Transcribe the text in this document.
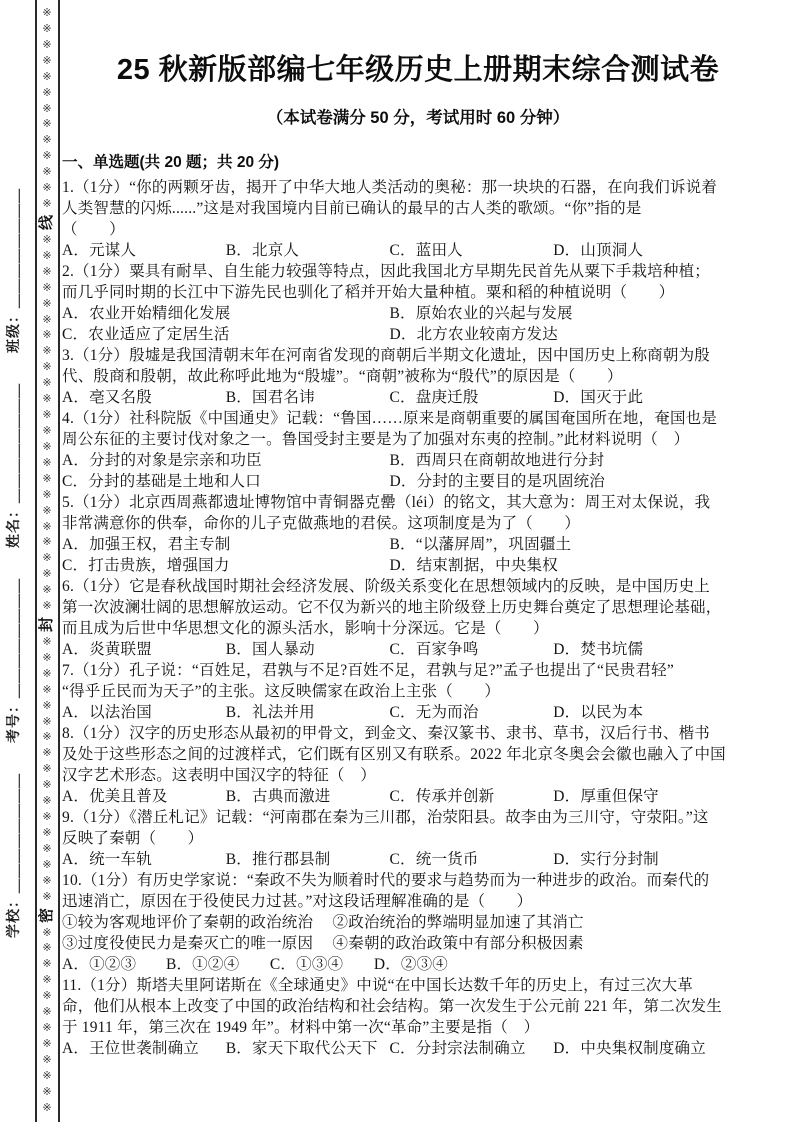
学校：＿＿＿＿＿＿＿＿　　考号：＿＿＿＿＿＿＿＿　　姓名：＿＿＿＿＿＿＿＿　　班级：＿＿＿＿＿＿＿＿
※
※
※
※
※
※
※
※
※
※
※
※
※
线
※
※
※
※
※
※
※
※
※
※
※
※
※
※
※
※
※
※
※
※
※
※
※
※
封
※
※
※
※
※
※
※
※
※
※
※
※
※
※
※
※
※
密
※
※
※
※
※
※
※
※
※
※
※
※
25 秋新版部编七年级历史上册期末综合测试卷
（本试卷满分 50 分，考试用时 60 分钟）
一、单选题(共 20 题；共 20 分)
1.（1分）“你的两颗牙齿，揭开了中华大地人类活动的奥秘：那一块块的石器，在向我们诉说着
人类智慧的闪烁......”这是对我国境内目前已确认的最早的古人类的歌颂。“你”指的是
（　　）
A．元谋人	B．北京人	C．蓝田人	D．山顶洞人
2.（1分）粟具有耐旱、自生能力较强等特点，因此我国北方早期先民首先从粟下手栽培种植；
而几乎同时期的长江中下游先民也驯化了稻并开始大量种植。粟和稻的种植说明（　　）
A．农业开始精细化发展	B．原始农业的兴起与发展
C．农业适应了定居生活	D．北方农业较南方发达
3.（1分）殷墟是我国清朝末年在河南省发现的商朝后半期文化遗址，因中国历史上称商朝为殷
代、殷商和殷朝，故此称呼此地为“殷墟”。“商朝”被称为“殷代”的原因是（　　）
A．亳又名殷	B．国君名讳	C．盘庚迁殷	D．国灭于此
4.（1分）社科院版《中国通史》记载：“鲁国……原来是商朝重要的属国奄国所在地，奄国也是
周公东征的主要讨伐对象之一。鲁国受封主要是为了加强对东夷的控制。”此材料说明（　）
A．分封的对象是宗亲和功臣	B．西周只在商朝故地进行分封
C．分封的基础是土地和人口	D．分封的主要目的是巩固统治
5.（1分）北京西周燕都遗址博物馆中青铜器克罍（léi）的铭文，其大意为：周王对太保说，我
非常满意你的供奉，命你的儿子克做燕地的君侯。这项制度是为了（　　）
A．加强王权，君主专制	B．“以藩屏周”，巩固疆土
C．打击贵族，增强国力	D．结束割据，中央集权
6.（1分）它是春秋战国时期社会经济发展、阶级关系变化在思想领域内的反映，是中国历史上
第一次波澜壮阔的思想解放运动。它不仅为新兴的地主阶级登上历史舞台奠定了思想理论基础，
而且成为后世中华思想文化的源头活水，影响十分深远。它是（　　）
A．炎黄联盟	B．国人暴动	C．百家争鸣	D．焚书坑儒
7.（1分）孔子说：“百姓足，君孰与不足?百姓不足，君孰与足?”孟子也提出了“民贵君轻”
“得乎丘民而为天子”的主张。这反映儒家在政治上主张（　　）
A．以法治国	B．礼法并用	C．无为而治	D．以民为本
8.（1分）汉字的历史形态从最初的甲骨文，到金文、秦汉篆书、隶书、草书，汉后行书、楷书
及处于这些形态之间的过渡样式，它们既有区别又有联系。2022 年北京冬奥会会徽也融入了中国
汉字艺术形态。这表明中国汉字的特征（　）
A．优美且普及	B．古典而激进	C．传承并创新	D．厚重但保守
9.（1分）《潜丘札记》记载：“河南郡在秦为三川郡，治荥阳县。故李由为三川守，守荥阳。”这
反映了秦朝（　　）
A．统一车轨	B．推行郡县制	C．统一货币	D．实行分封制
10.（1分）有历史学家说：“秦政不失为顺着时代的要求与趋势而为一种进步的政治。而秦代的
迅速消亡，原因在于役使民力过甚。”对这段话理解准确的是（　　）
①较为客观地评价了秦朝的政治统治	②政治统治的弊端明显加速了其消亡
③过度役使民力是秦灭亡的唯一原因	④秦朝的政治政策中有部分积极因素
A．①②③	B．①②④	C．①③④	D．②③④
11.（1分）斯塔夫里阿诺斯在《全球通史》中说“在中国长达数千年的历史上，有过三次大革
命，他们从根本上改变了中国的政治结构和社会结构。第一次发生于公元前 221 年，第二次发生
于 1911 年，第三次在 1949 年”。材料中第一次“革命”主要是指（　）
A．王位世袭制确立	B．家天下取代公天下 C．分封宗法制确立	D．中央集权制度确立
